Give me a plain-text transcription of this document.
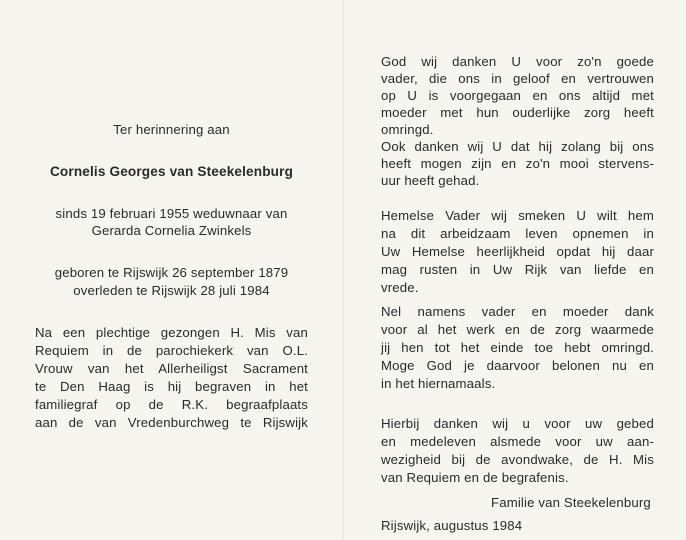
Ter herinnering aan
Cornelis Georges van Steekelenburg
sinds 19 februari 1955 weduwnaar van
Gerarda Cornelia Zwinkels
geboren te Rijswijk 26 september 1879
overleden te Rijswijk 28 juli 1984
Na een plechtige gezongen H. Mis van
Requiem in de parochiekerk van O.L.
Vrouw van het Allerheiligst Sacrament
te Den Haag is hij begraven in het
familiegraf op de R.K. begraafplaats
aan de van Vredenburchweg te Rijswijk
God wij danken U voor zo'n goede
vader, die ons in geloof en vertrouwen
op U is voorgegaan en ons altijd met
moeder met hun ouderlijke zorg heeft
omringd.
Ook danken wij U dat hij zolang bij ons
heeft mogen zijn en zo'n mooi stervens-
uur heeft gehad.
Hemelse Vader wij smeken U wilt hem
na dit arbeidzaam leven opnemen in
Uw Hemelse heerlijkheid opdat hij daar
mag rusten in Uw Rijk van liefde en
vrede.
Nel namens vader en moeder dank
voor al het werk en de zorg waarmede
jij hen tot het einde toe hebt omringd.
Moge God je daarvoor belonen nu en
in het hiernamaals.
Hierbij danken wij u voor uw gebed
en medeleven alsmede voor uw aan-
wezigheid bij de avondwake, de H. Mis
van Requiem en de begrafenis.
Familie van Steekelenburg
Rijswijk, augustus 1984
